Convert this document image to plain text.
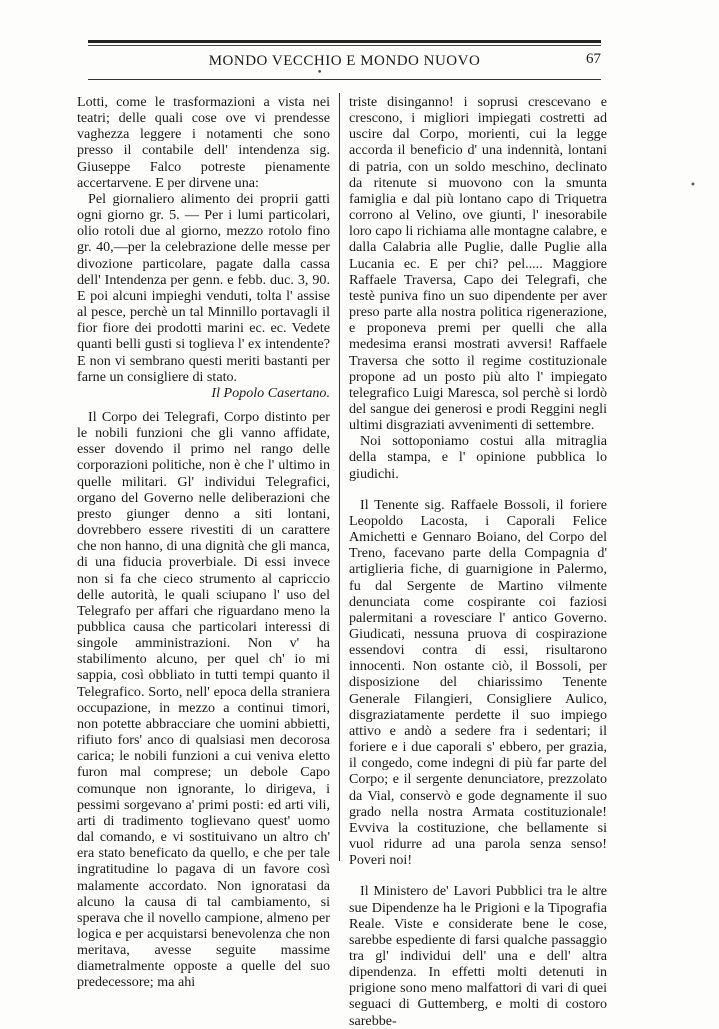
MONDO VECCHIO E MONDO NUOVO	67
•
•

Lotti, come le trasformazioni a vista nei teatri; delle quali cose ove vi prendesse vaghezza leggere i notamenti che sono presso il contabile dell' intendenza sig. Giuseppe Falco potreste pienamente accertarvene. E per dirvene una:

Pel giornaliero alimento dei proprii gatti ogni giorno gr. 5. — Per i lumi particolari, olio rotoli due al giorno, mezzo rotolo fino gr. 40,—per la celebrazione delle messe per divozione particolare, pagate dalla cassa dell' Intendenza per genn. e febb. duc. 3, 90. E poi alcuni impieghi venduti, tolta l' assise al pesce, perchè un tal Minnillo portavagli il fior fiore dei prodotti marini ec. ec. Vedete quanti belli gusti si toglieva l' ex intendente? E non vi sembrano questi meriti bastanti per farne un consigliere di stato.

Il Popolo Casertano.

Il Corpo dei Telegrafi, Corpo distinto per le nobili funzioni che gli vanno affidate, esser dovendo il primo nel rango delle corporazioni politiche, non è che l' ultimo in quelle militari. Gl' individui Telegrafici, organo del Governo nelle deliberazioni che presto giunger denno a siti lontani, dovrebbero essere rivestiti di un carattere che non hanno, di una dignità che gli manca, di una fiducia proverbiale. Di essi invece non si fa che cieco strumento al capriccio delle autorità, le quali sciupano l' uso del Telegrafo per affari che riguardano meno la pubblica causa che particolari interessi di singole amministrazioni. Non v' ha stabilimento alcuno, per quel ch' io mi sappia, così obbliato in tutti tempi quanto il Telegrafico. Sorto, nell' epoca della straniera occupazione, in mezzo a continui timori, non potette abbracciare che uomini abbietti, rifiuto fors' anco di qualsiasi men decorosa carica; le nobili funzioni a cui veniva eletto furon mal comprese; un debole Capo comunque non ignorante, lo dirigeva, i pessimi sorgevano a' primi posti: ed arti vili, arti di tradimento toglievano quest' uomo dal comando, e vi sostituivano un altro ch' era stato beneficato da quello, e che per tale ingratitudine lo pagava di un favore così malamente accordato. Non ignoratasi da alcuno la causa di tal cambiamento, si sperava che il novello campione, almeno per logica e per acquistarsi benevolenza che non meritava, avesse seguite massime diametralmente opposte a quelle del suo predecessore; ma ahi

triste disinganno! i soprusi crescevano e crescono, i migliori impiegati costretti ad uscire dal Corpo, morienti, cui la legge accorda il beneficio d' una indennità, lontani di patria, con un soldo meschino, declinato da ritenute si muovono con la smunta famiglia e dal più lontano capo di Triquetra corrono al Velino, ove giunti, l' inesorabile loro capo li richiama alle montagne calabre, e dalla Calabria alle Puglie, dalle Puglie alla Lucania ec. E per chi? pel..... Maggiore Raffaele Traversa, Capo dei Telegrafi, che testè puniva fino un suo dipendente per aver preso parte alla nostra politica rigenerazione, e proponeva premi per quelli che alla medesima eransi mostrati avversi! Raffaele Traversa che sotto il regime costituzionale propone ad un posto più alto l' impiegato telegrafico Luigi Maresca, sol perchè si lordò del sangue dei generosi e prodi Reggini negli ultimi disgraziati avvenimenti di settembre.

Noi sottoponiamo costui alla mitraglia della stampa, e l' opinione pubblica lo giudichi.

Il Tenente sig. Raffaele Bossoli, il foriere Leopoldo Lacosta, i Caporali Felice Amichetti e Gennaro Boiano, del Corpo del Treno, facevano parte della Compagnia d' artiglieria fiche, di guarnigione in Palermo, fu dal Sergente de Martino vilmente denunciata come cospirante coi faziosi palermitani a rovesciare l' antico Governo. Giudicati, nessuna pruova di cospirazione essendovi contra di essi, risultarono innocenti. Non ostante ciò, il Bossoli, per disposizione del chiarissimo Tenente Generale Filangieri, Consigliere Aulico, disgraziatamente perdette il suo impiego attivo e andò a sedere fra i sedentari; il foriere e i due caporali s' ebbero, per grazia, il congedo, come indegni di più far parte del Corpo; e il sergente denunciatore, prezzolato da Vial, conservò e gode degnamente il suo grado nella nostra Armata costituzionale! Evviva la costituzione, che bellamente si vuol ridurre ad una parola senza senso! Poveri noi!

Il Ministero de' Lavori Pubblici tra le altre sue Dipendenze ha le Prigioni e la Tipografia Reale. Viste e considerate bene le cose, sarebbe espediente di farsi qualche passaggio tra gl' individui dell' una e dell' altra dipendenza. In effetti molti detenuti in prigione sono meno malfattori di vari di quei seguaci di Guttemberg, e molti di costoro sarebbe-
